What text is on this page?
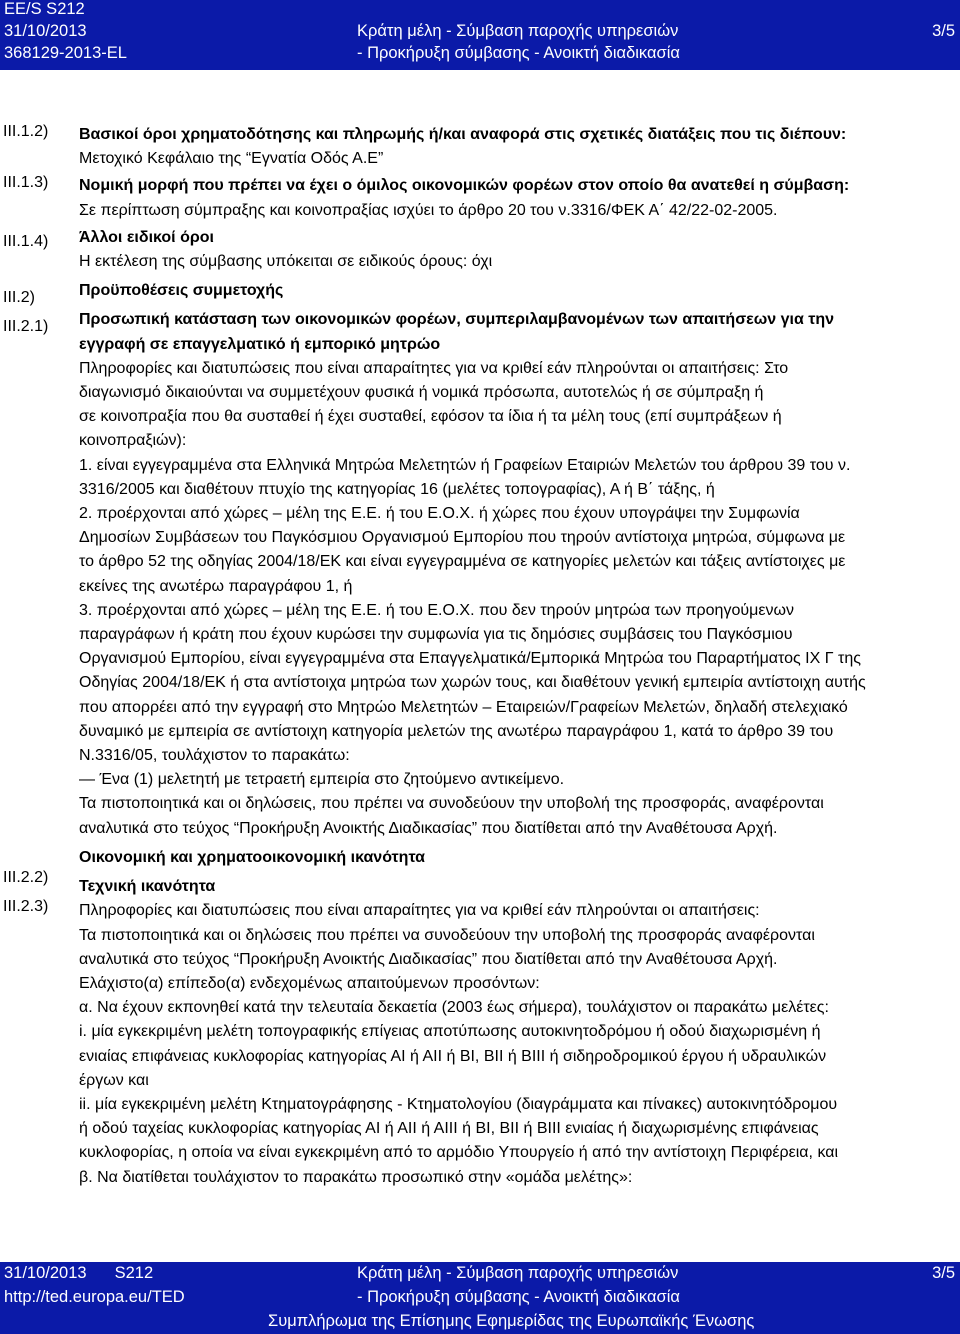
EE/S S212
31/10/2013
368129-2013-EL
Κράτη μέλη - Σύμβαση παροχής υπηρεσιών
- Προκήρυξη σύμβασης - Ανοικτή διαδικασία
3/5
III.1.2)
III.1.3)
III.1.4)
III.2)
III.2.1)
III.2.2)
III.2.3)
Βασικοί όροι χρηματοδότησης και πληρωμής ή/και αναφορά στις σχετικές διατάξεις που τις διέπουν:
Μετοχικό Κεφάλαιο της “Εγνατία Οδός Α.Ε”
Νομική μορφή που πρέπει να έχει ο όμιλος οικονομικών φορέων στον οποίο θα ανατεθεί η σύμβαση:
Σε περίπτωση σύμπραξης και κοινοπραξίας ισχύει το άρθρο 20 του ν.3316/ΦΕΚ Α΄ 42/22-02-2005.
Άλλοι ειδικοί όροι
Η εκτέλεση της σύμβασης υπόκειται σε ειδικούς όρους: όχι
Προϋποθέσεις συμμετοχής
Προσωπική κατάσταση των οικονομικών φορέων, συμπεριλαμβανομένων των απαιτήσεων για την
εγγραφή σε επαγγελματικό ή εμπορικό μητρώο
Πληροφορίες και διατυπώσεις που είναι απαραίτητες για να κριθεί εάν πληρούνται οι απαιτήσεις: Στο
διαγωνισμό δικαιούνται να συμμετέχουν φυσικά ή νομικά πρόσωπα, αυτοτελώς ή σε σύμπραξη ή
σε κοινοπραξία που θα συσταθεί ή έχει συσταθεί, εφόσον τα ίδια ή τα μέλη τους (επί συμπράξεων ή
κοινοπραξιών):
1. είναι εγγεγραμμένα στα Ελληνικά Μητρώα Μελετητών ή Γραφείων Εταιριών Μελετών του άρθρου 39 του ν.
3316/2005 και διαθέτουν πτυχίο της κατηγορίας 16 (μελέτες τοπογραφίας), Α ή Β΄ τάξης, ή
2. προέρχονται από χώρες – μέλη της Ε.Ε. ή του Ε.Ο.Χ. ή χώρες που έχουν υπογράψει την Συμφωνία
Δημοσίων Συμβάσεων του Παγκόσμιου Οργανισμού Εμπορίου που τηρούν αντίστοιχα μητρώα, σύμφωνα με
το άρθρο 52 της οδηγίας 2004/18/ΕΚ και είναι εγγεγραμμένα σε κατηγορίες μελετών και τάξεις αντίστοιχες με
εκείνες της ανωτέρω παραγράφου 1, ή
3. προέρχονται από χώρες – μέλη της Ε.Ε. ή του Ε.Ο.Χ. που δεν τηρούν μητρώα των προηγούμενων
παραγράφων ή κράτη που έχουν κυρώσει την συμφωνία για τις δημόσιες συμβάσεις του Παγκόσμιου
Οργανισμού Εμπορίου, είναι εγγεγραμμένα στα Επαγγελματικά/Εμπορικά Μητρώα του Παραρτήματος ΙΧ Γ της
Οδηγίας 2004/18/ΕΚ ή στα αντίστοιχα μητρώα των χωρών τους, και διαθέτουν γενική εμπειρία αντίστοιχη αυτής
που απορρέει από την εγγραφή στο Μητρώο Μελετητών – Εταιρειών/Γραφείων Μελετών, δηλαδή στελεχιακό
δυναμικό με εμπειρία σε αντίστοιχη κατηγορία μελετών της ανωτέρω παραγράφου 1, κατά το άρθρο 39 του
Ν.3316/05, τουλάχιστον το παρακάτω:
— Ένα (1) μελετητή με τετραετή εμπειρία στο ζητούμενο αντικείμενο.
Τα πιστοποιητικά και οι δηλώσεις, που πρέπει να συνοδεύουν την υποβολή της προσφοράς, αναφέρονται
αναλυτικά στο τεύχος “Προκήρυξη Ανοικτής Διαδικασίας” που διατίθεται από την Αναθέτουσα Αρχή.
Οικονομική και χρηματοοικονομική ικανότητα
Τεχνική ικανότητα
Πληροφορίες και διατυπώσεις που είναι απαραίτητες για να κριθεί εάν πληρούνται οι απαιτήσεις:
Τα πιστοποιητικά και οι δηλώσεις που πρέπει να συνοδεύουν την υποβολή της προσφοράς αναφέρονται
αναλυτικά στο τεύχος “Προκήρυξη Ανοικτής Διαδικασίας” που διατίθεται από την Αναθέτουσα Αρχή.
Ελάχιστο(α) επίπεδο(α) ενδεχομένως απαιτούμενων προσόντων:
α. Να έχουν εκπονηθεί κατά την τελευταία δεκαετία (2003 έως σήμερα), τουλάχιστον οι παρακάτω μελέτες:
i. μία εγκεκριμένη μελέτη τοπογραφικής επίγειας αποτύπωσης αυτοκινητοδρόμου ή οδού διαχωρισμένη ή
ενιαίας επιφάνειας κυκλοφορίας κατηγορίας ΑΙ ή ΑΙΙ ή ΒΙ, ΒΙΙ ή ΒΙΙΙ ή σιδηροδρομικού έργου ή υδραυλικών
έργων και
ii. μία εγκεκριμένη μελέτη Κτηματογράφησης - Κτηματολογίου (διαγράμματα και πίνακες) αυτοκινητόδρομου
ή οδού ταχείας κυκλοφορίας κατηγορίας ΑΙ ή ΑΙΙ ή ΑΙΙΙ ή ΒΙ, ΒΙΙ ή ΒΙΙΙ ενιαίας ή διαχωρισμένης επιφάνειας
κυκλοφορίας, η οποία να είναι εγκεκριμένη από το αρμόδιο Υπουργείο ή από την αντίστοιχη Περιφέρεια, και
β. Να διατίθεται τουλάχιστον το παρακάτω προσωπικό στην «ομάδα μελέτης»:
31/10/2013 S212
http://ted.europa.eu/TED
Κράτη μέλη - Σύμβαση παροχής υπηρεσιών
- Προκήρυξη σύμβασης - Ανοικτή διαδικασία
Συμπλήρωμα της Επίσημης Εφημερίδας της Ευρωπαϊκής Ένωσης
3/5
